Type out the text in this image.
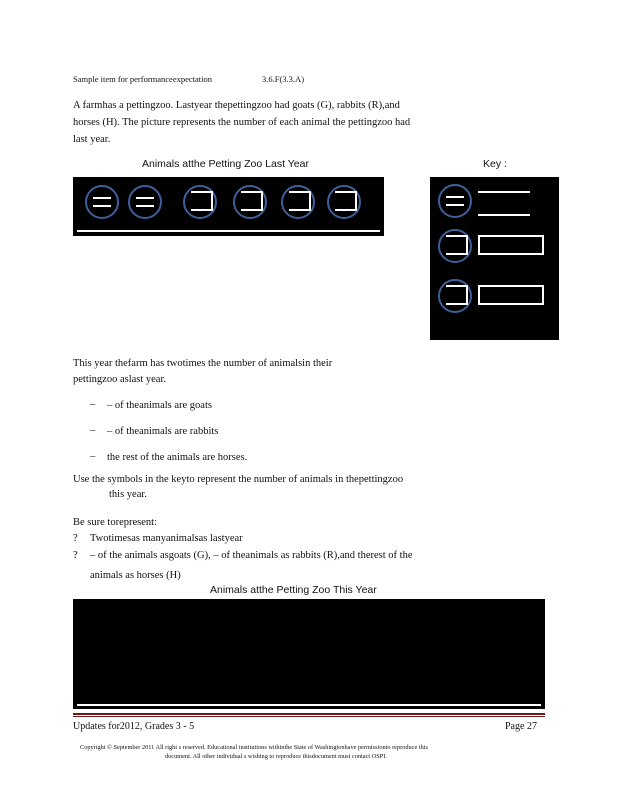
Sample item for performanceexpectation	3.6.F(3.3.A)
A farmhas a pettingzoo. Lastyear thepettingzoo had goats (G), rabbits (R),and
horses (H). The picture represents the number of each animal the pettingzoo had
last year.
Animals atthe Petting Zoo Last Year	Key :
This year thefarm has twotimes the number of animalsin their
pettingzoo aslast year.
– – of theanimals are goats
– – of theanimals are rabbits
– the rest of the animals are horses.
Use the symbols in the keyto represent the number of animals in thepettingzoo
this year.
Be sure torepresent:
? Twotimesas manyanimalsas lastyear
? – of the animals asgoats (G), – of theanimals as rabbits (R),and therest of the
animals as horses (H)
Animals atthe Petting Zoo This Year
Updates for2012, Grades 3 - 5	Page 27
Copyright © September 2011 All right s reserved. Educational institutions withinthe State of Washingtonhave permissionto reproduce this
document. All other individual s wishing to reproduce thisdocument must contact OSPI.
